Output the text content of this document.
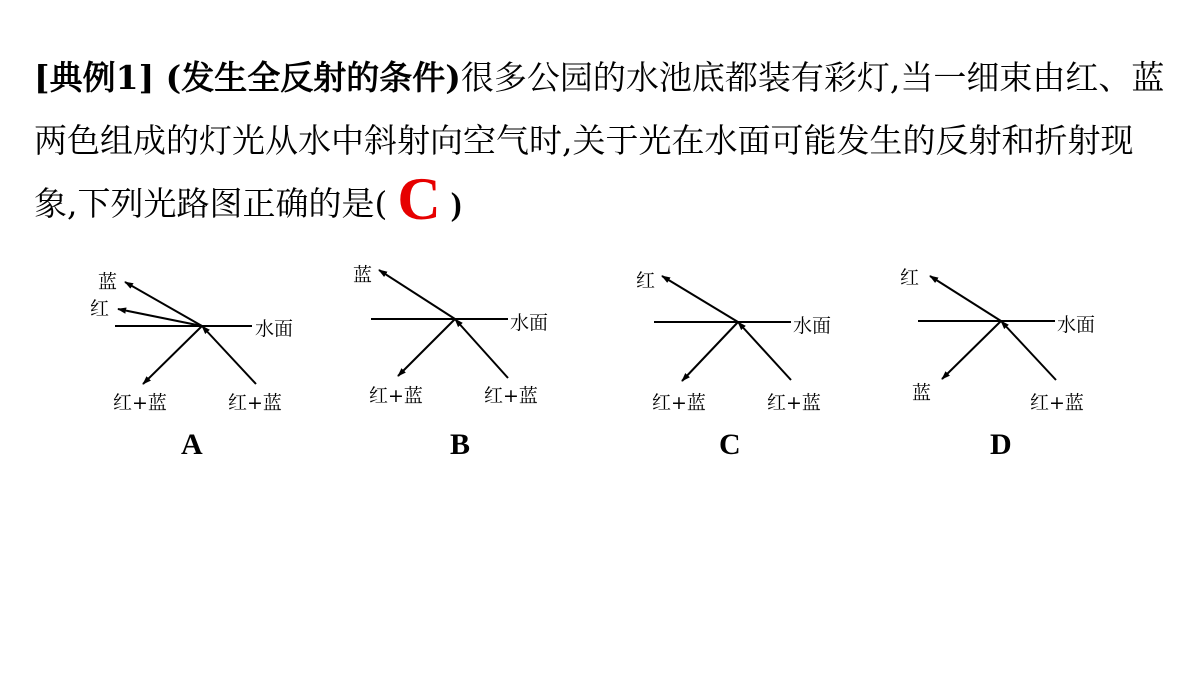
[典例1] (发生全反射的条件)很多公园的水池底都装有彩灯,当一细束由红、蓝两色组成的灯光从水中斜射向空气时,关于光在水面可能发生的反射和折射现象,下列光路图正确的是( C )

蓝
红
水面
红+蓝	红+蓝
A
蓝
水面
红+蓝	红+蓝
B
红
水面
红+蓝	红+蓝
C
红
水面
蓝	红+蓝
D
